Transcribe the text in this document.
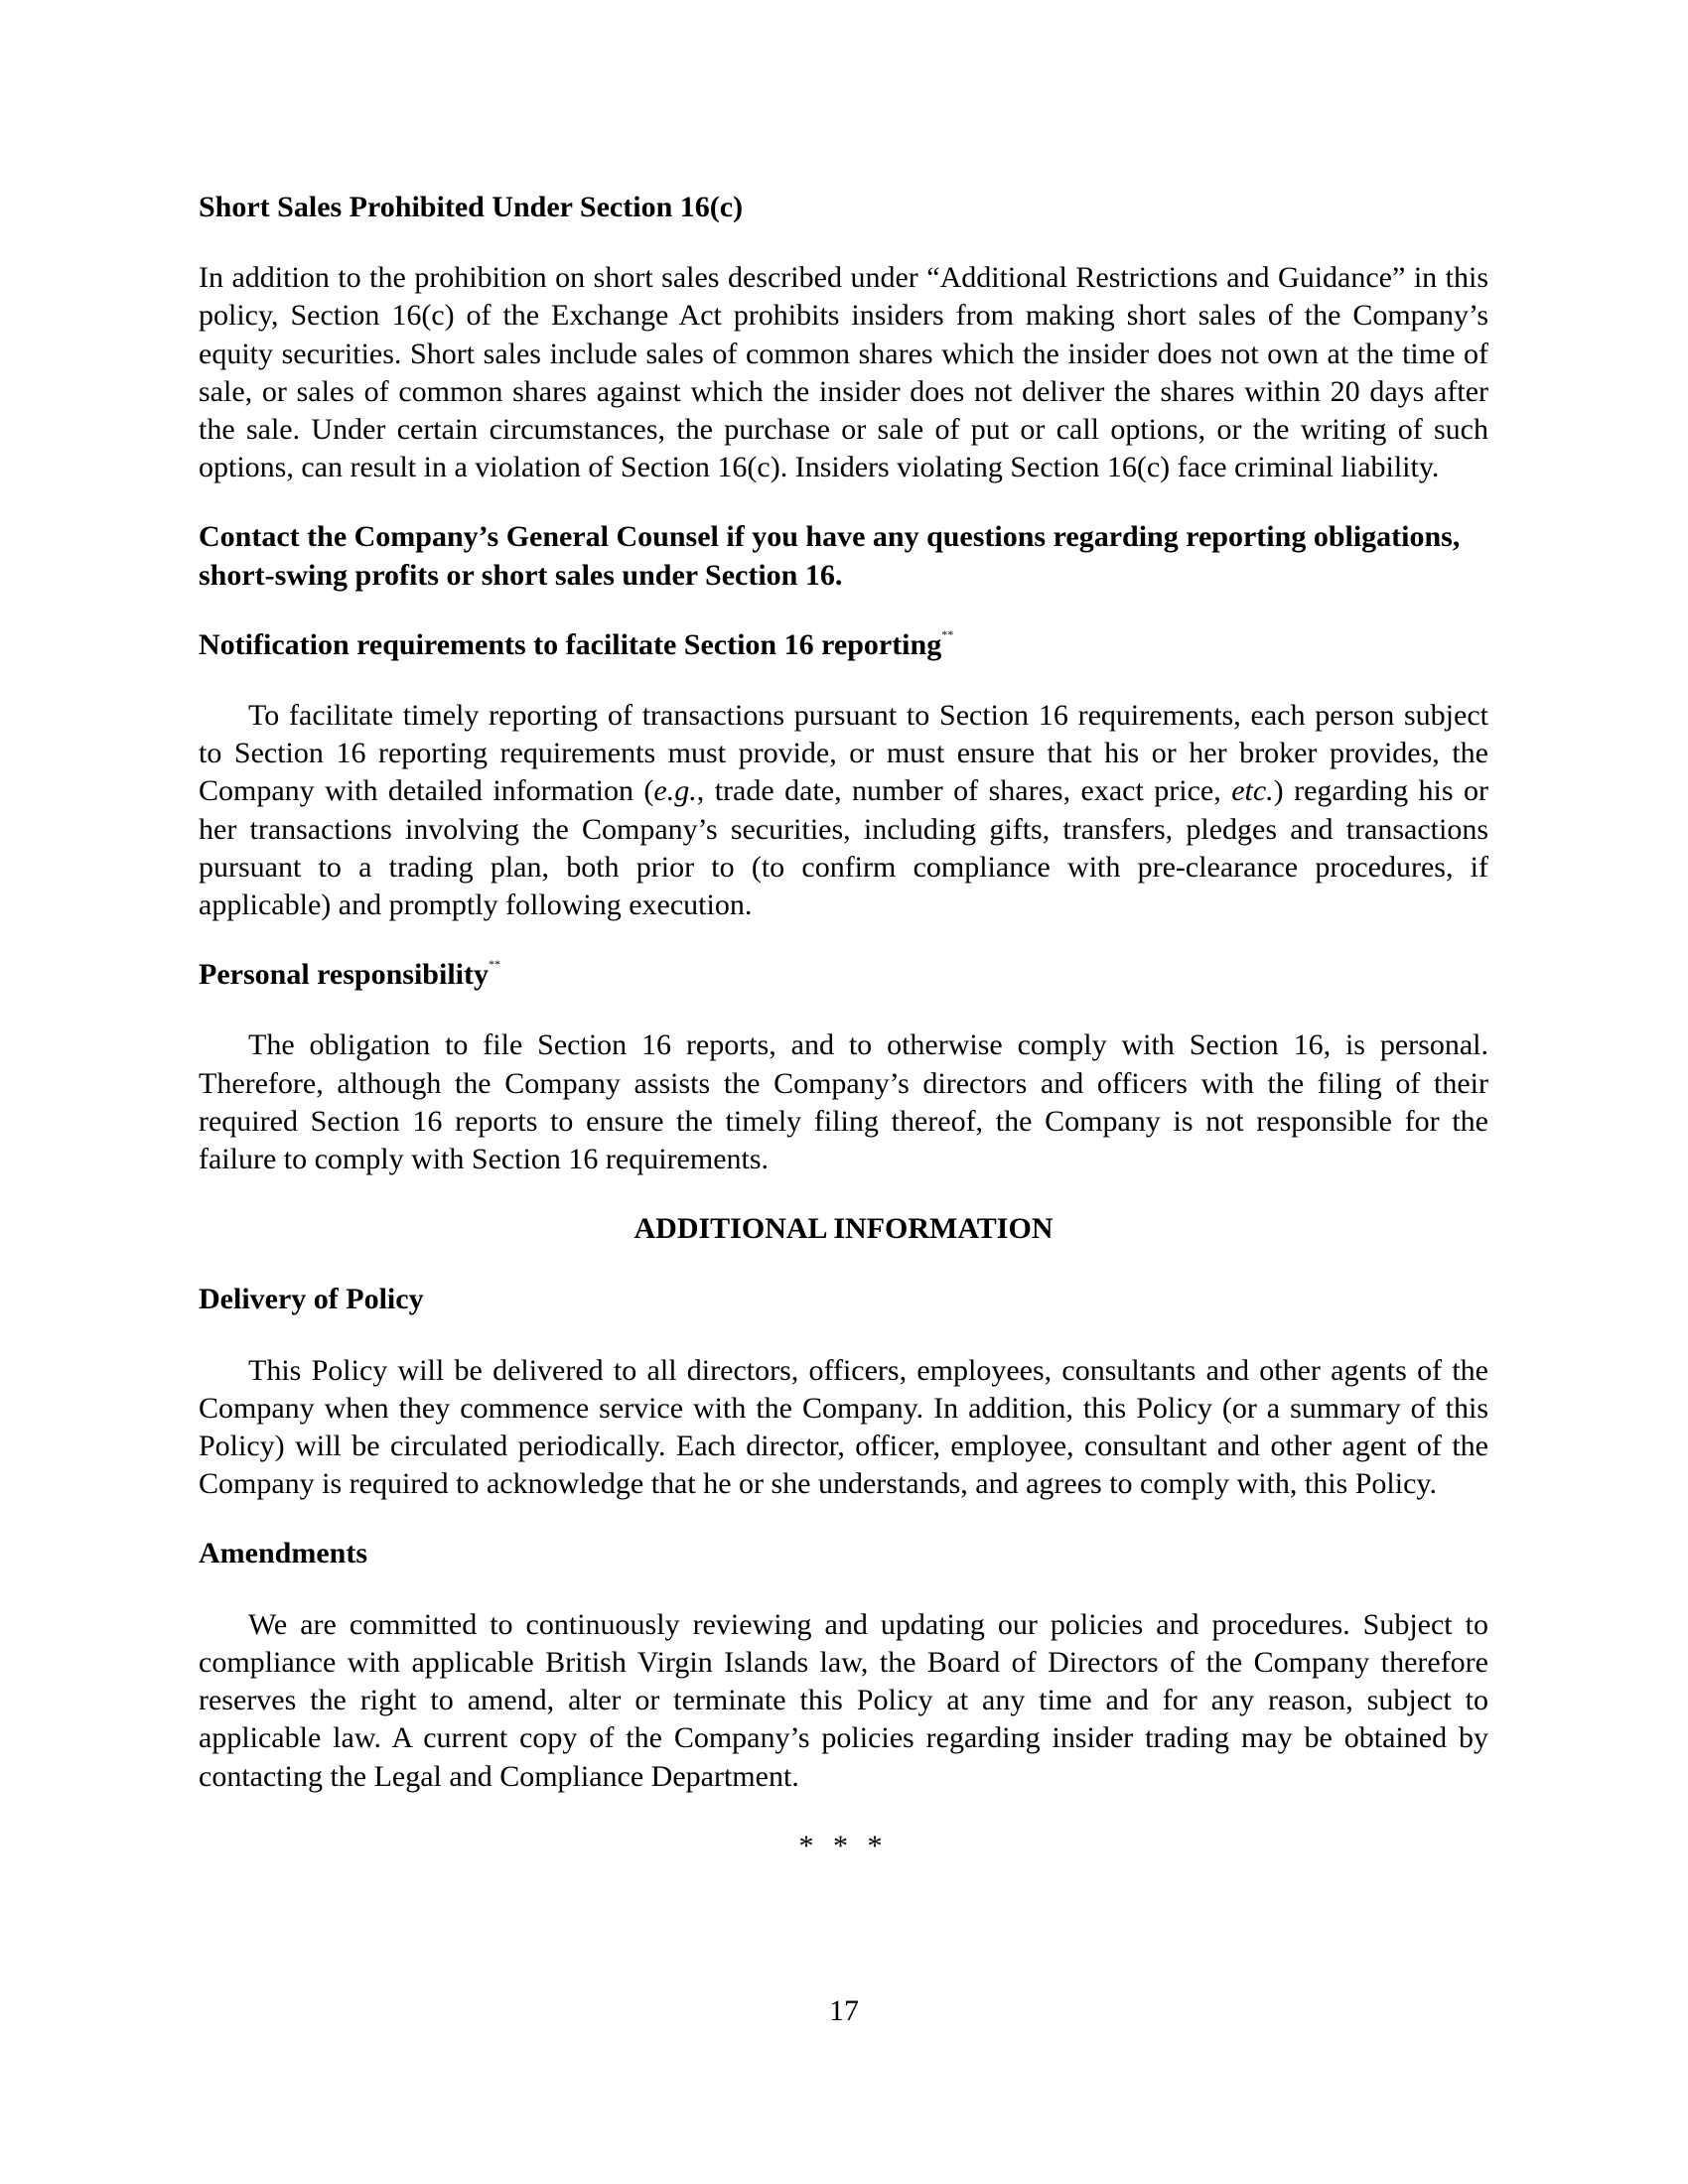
Short Sales Prohibited Under Section 16(c)

In addition to the prohibition on short sales described under “Additional Restrictions and Guidance” in this policy, Section 16(c) of the Exchange Act prohibits insiders from making short sales of the Company’s equity securities. Short sales include sales of common shares which the insider does not own at the time of sale, or sales of common shares against which the insider does not deliver the shares within 20 days after the sale. Under certain circumstances, the purchase or sale of put or call options, or the writing of such options, can result in a violation of Section 16(c). Insiders violating Section 16(c) face criminal liability.

Contact the Company’s General Counsel if you have any questions regarding reporting obligations, short-swing profits or short sales under Section 16.

Notification requirements to facilitate Section 16 reporting**

To facilitate timely reporting of transactions pursuant to Section 16 requirements, each person subject to Section 16 reporting requirements must provide, or must ensure that his or her broker provides, the Company with detailed information (e.g., trade date, number of shares, exact price, etc.) regarding his or her transactions involving the Company’s securities, including gifts, transfers, pledges and transactions pursuant to a trading plan, both prior to (to confirm compliance with pre-clearance procedures, if applicable) and promptly following execution.

Personal responsibility**

The obligation to file Section 16 reports, and to otherwise comply with Section 16, is personal. Therefore, although the Company assists the Company’s directors and officers with the filing of their required Section 16 reports to ensure the timely filing thereof, the Company is not responsible for the failure to comply with Section 16 requirements.

ADDITIONAL INFORMATION
Delivery of Policy

This Policy will be delivered to all directors, officers, employees, consultants and other agents of the Company when they commence service with the Company. In addition, this Policy (or a summary of this Policy) will be circulated periodically. Each director, officer, employee, consultant and other agent of the Company is required to acknowledge that he or she understands, and agrees to comply with, this Policy.

Amendments

We are committed to continuously reviewing and updating our policies and procedures. Subject to compliance with applicable British Virgin Islands law, the Board of Directors of the Company therefore reserves the right to amend, alter or terminate this Policy at any time and for any reason, subject to applicable law. A current copy of the Company’s policies regarding insider trading may be obtained by contacting the Legal and Compliance Department.

* * *

17
